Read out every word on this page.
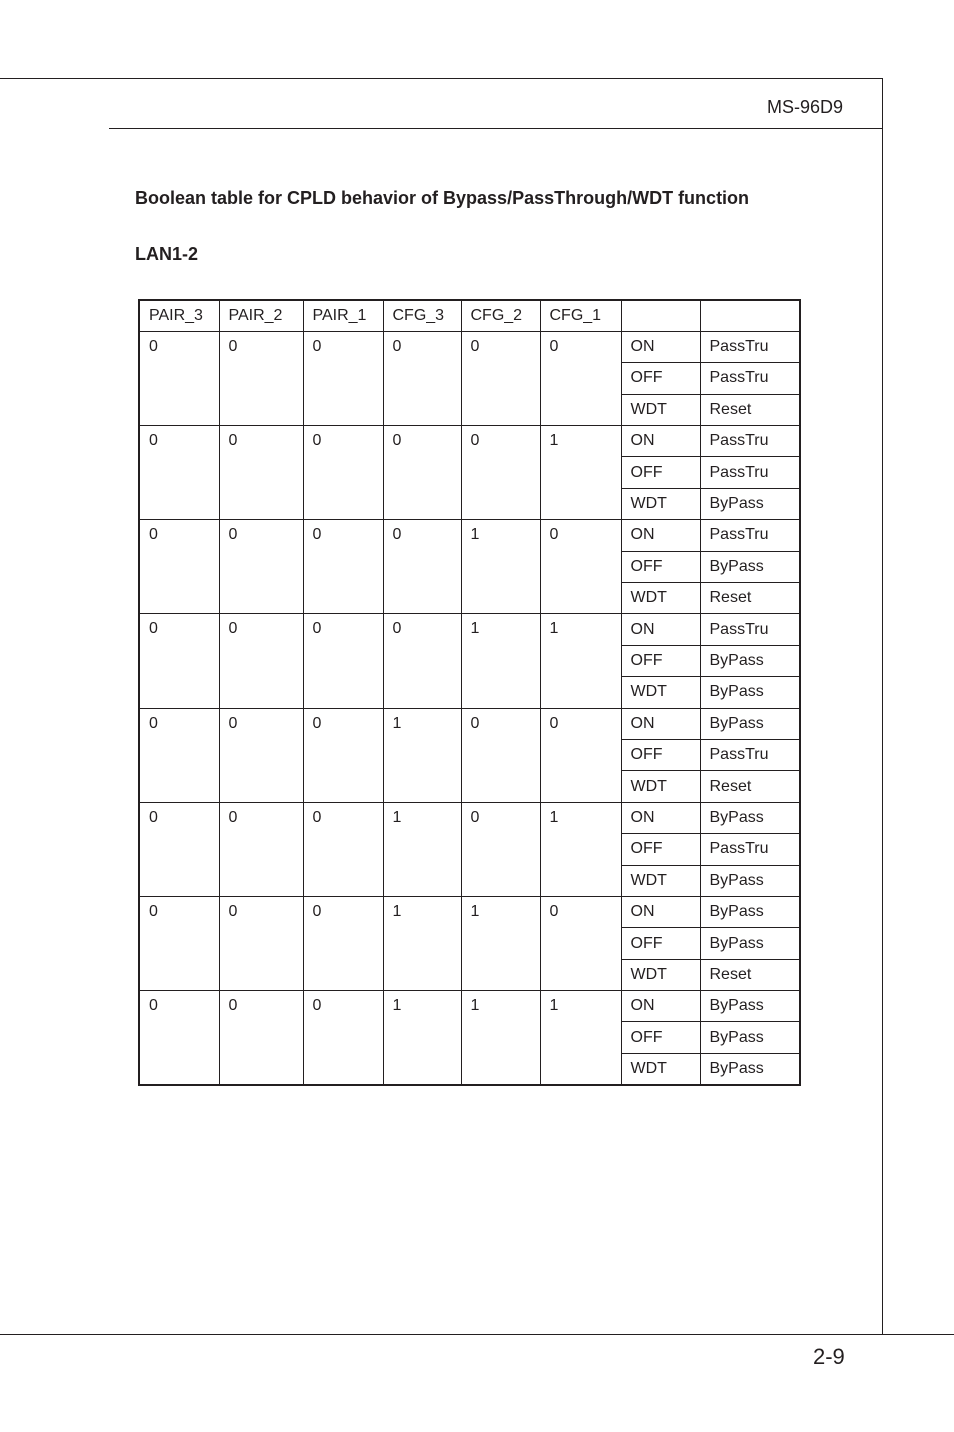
MS-96D9
Boolean table for CPLD behavior of Bypass/PassThrough/WDT function
LAN1-2
PAIR_3	PAIR_2	PAIR_1	CFG_3	CFG_2	CFG_1		
0	0	0	0	0	0	ON	PassTru
						OFF	PassTru
						WDT	Reset
0	0	0	0	0	1	ON	PassTru
						OFF	PassTru
						WDT	ByPass
0	0	0	0	1	0	ON	PassTru
						OFF	ByPass
						WDT	Reset
0	0	0	0	1	1	ON	PassTru
						OFF	ByPass
						WDT	ByPass
0	0	0	1	0	0	ON	ByPass
						OFF	PassTru
						WDT	Reset
0	0	0	1	0	1	ON	ByPass
						OFF	PassTru
						WDT	ByPass
0	0	0	1	1	0	ON	ByPass
						OFF	ByPass
						WDT	Reset
0	0	0	1	1	1	ON	ByPass
						OFF	ByPass
						WDT	ByPass
2-9
